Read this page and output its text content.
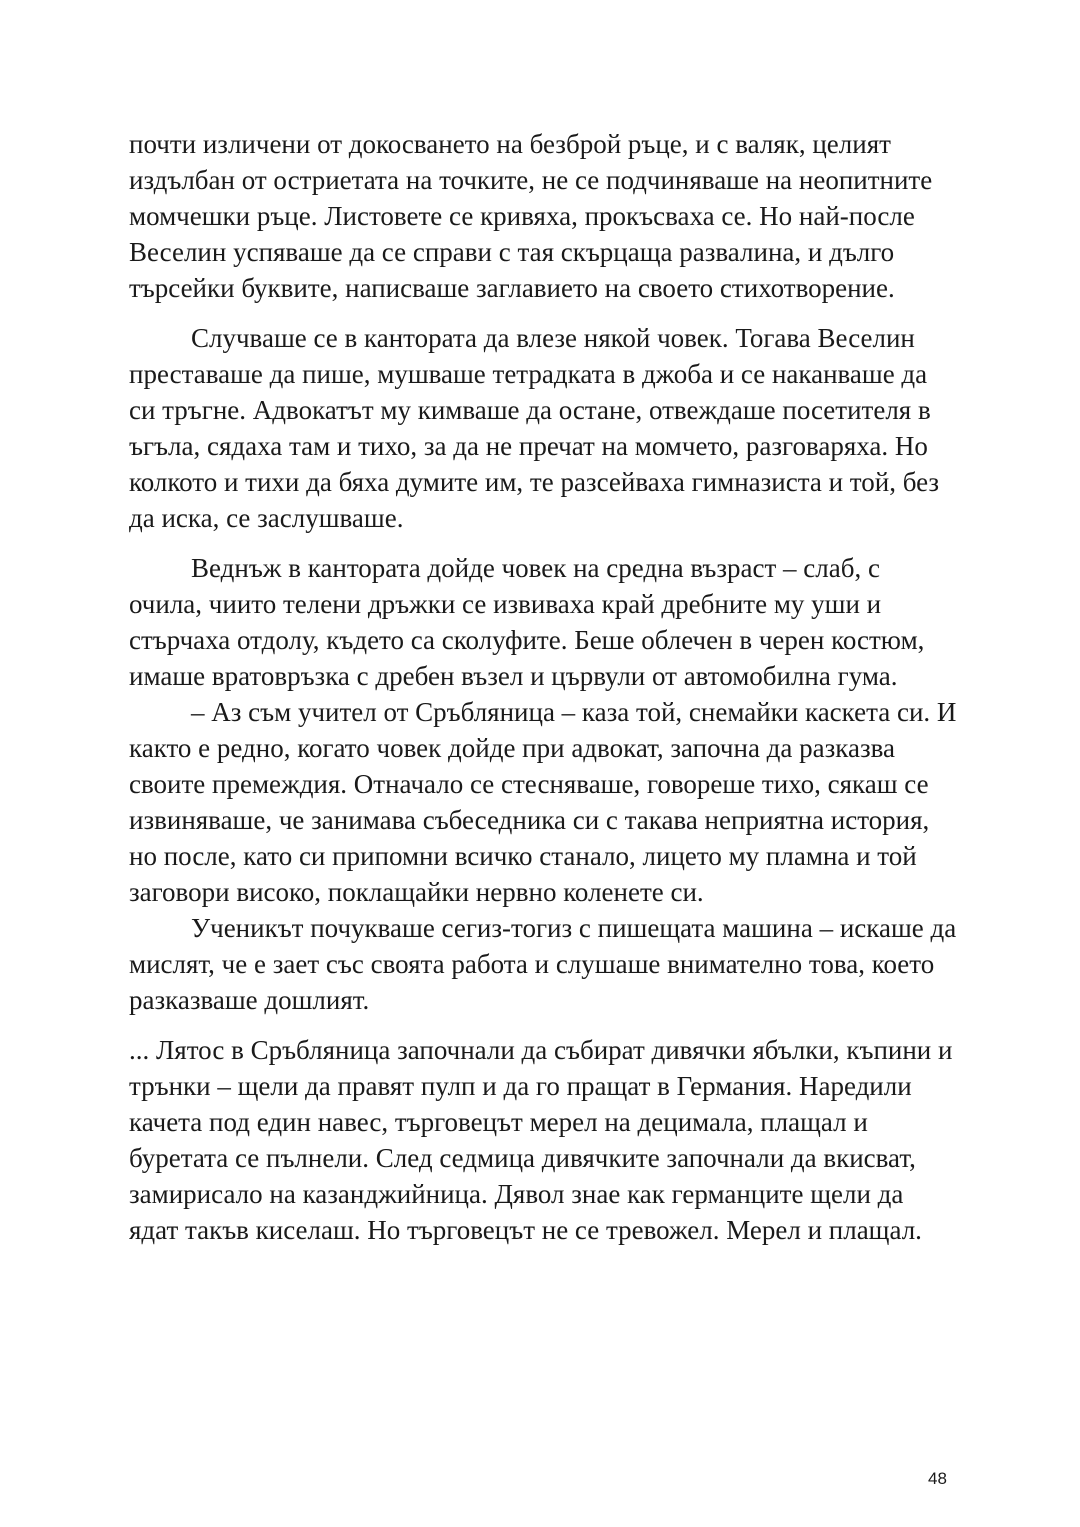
почти изличени от докосването на безброй ръце, и с валяк, целият издълбан от остриетата на точките, не се подчиняваше на неопитните момчешки ръце. Листовете се кривяха, прокъсваха се. Но най-после Веселин успяваше да се справи с тая скърцаща развалина, и дълго търсейки буквите, написваше заглавието на своето стихотворение.

Случваше се в кантората да влезе някой човек. Тогава Веселин преставаше да пише, мушваше тетрадката в джоба и се наканваше да си тръгне. Адвокатът му кимваше да остане, отвеждаше посетителя в ъгъла, сядаха там и тихо, за да не пречат на момчето, разговаряха. Но колкото и тихи да бяха думите им, те разсейваха гимназиста и той, без да иска, се заслушваше.

Веднъж в кантората дойде човек на средна възраст – слаб, с очила, чиито телени дръжки се извиваха край дребните му уши и стърчаха отдолу, където са сколуфите. Беше облечен в черен костюм, имаше вратовръзка с дребен възел и цървули от автомобилна гума.

– Аз съм учител от Сръбляница – каза той, снемайки каскета си. И както е редно, когато човек дойде при адвокат, започна да разказва своите премеждия. Отначало се стесняваше, говореше тихо, сякаш се извиняваше, че занимава събеседника си с такава неприятна история, но после, като си припомни всичко станало, лицето му пламна и той заговори високо, поклащайки нервно коленете си.

Ученикът почукваше сегиз-тогиз с пишещата машина – искаше да мислят, че е зает със своята работа и слушаше внимателно това, което разказваше дошлият.

... Лятос в Сръбляница започнали да събират дивячки ябълки, къпини и трънки – щели да правят пулп и да го пращат в Германия. Наредили качета под един навес, търговецът мерел на децимала, плащал и буретата се пълнели. След седмица дивячките започнали да вкисват, замирисало на казанджийница. Дявол знае как германците щели да ядат такъв киселаш. Но търговецът не се тревожел. Мерел и плащал.

48
